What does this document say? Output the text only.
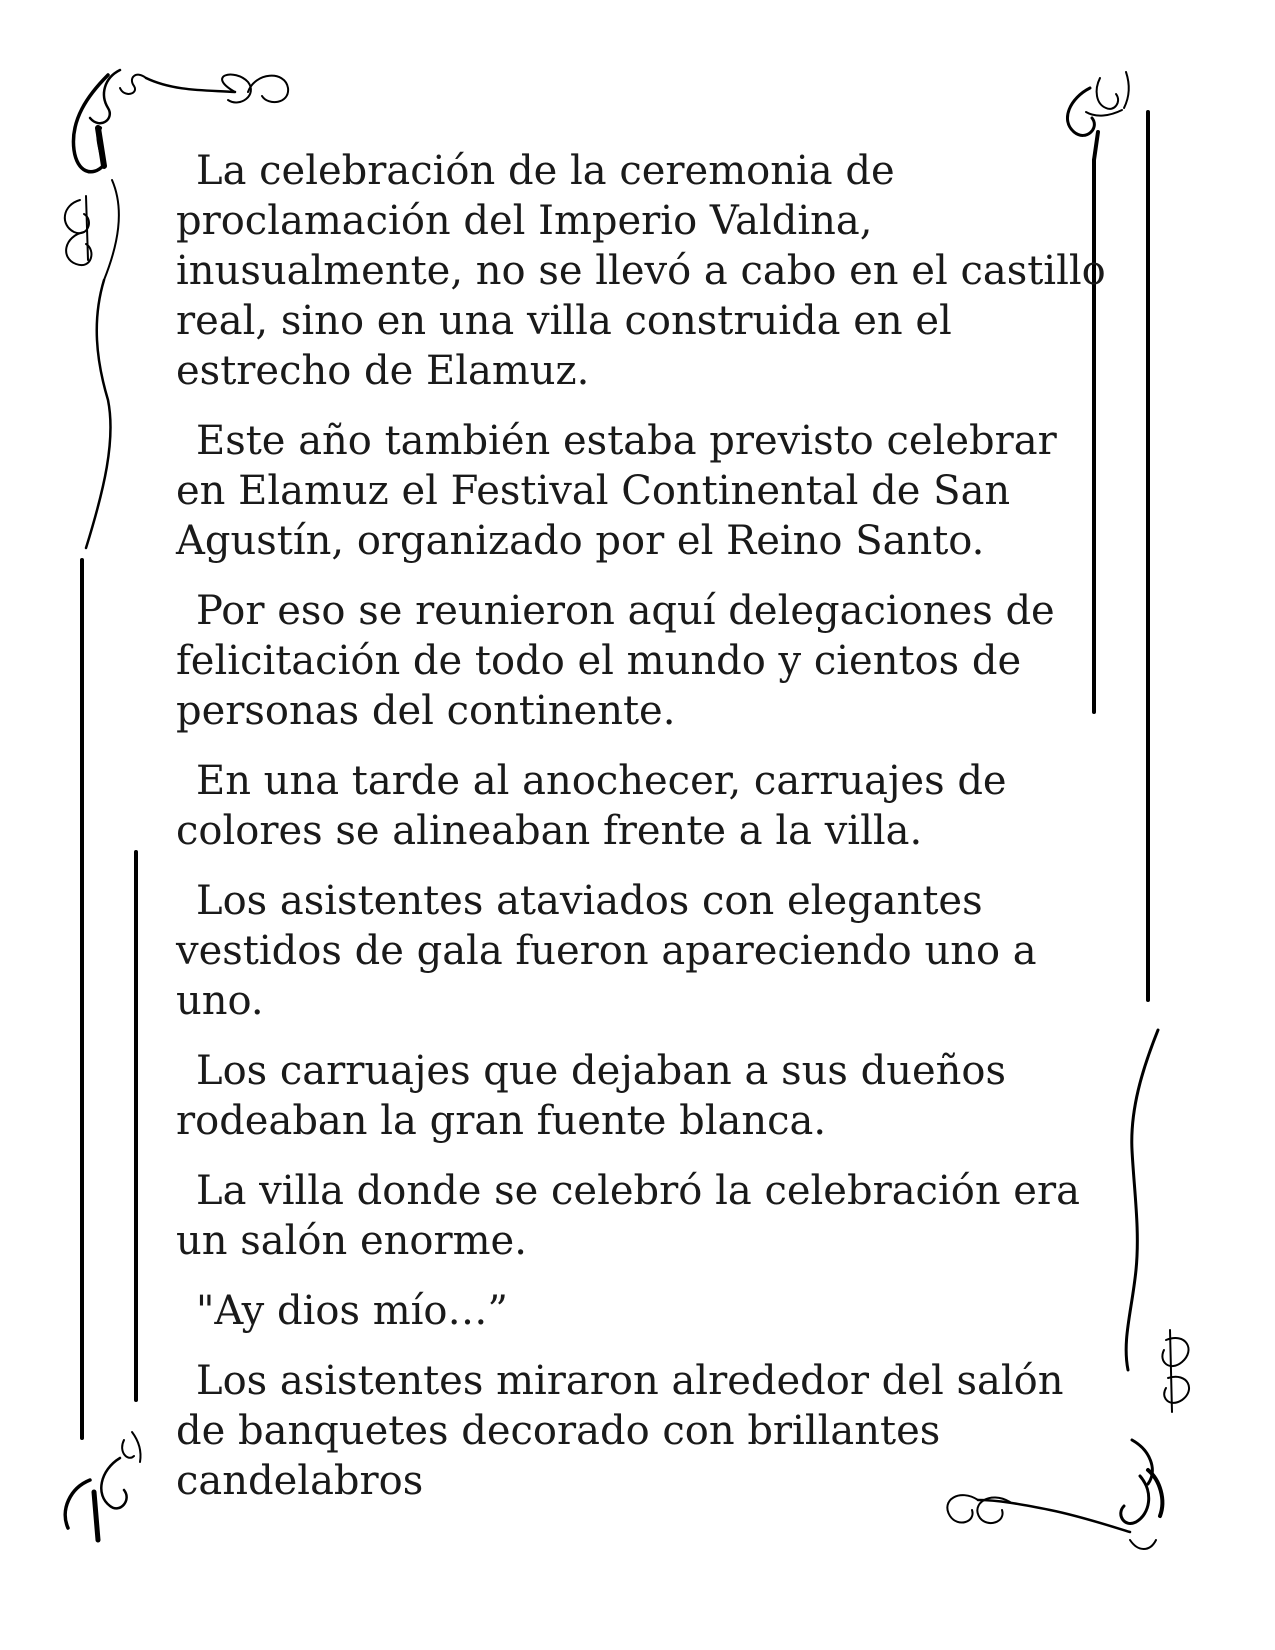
La celebración de la ceremonia de proclamación del Imperio Valdina, inusualmente, no se llevó a cabo en el castillo real, sino en una villa construida en el estrecho de Elamuz.

Este año también estaba previsto celebrar en Elamuz el Festival Continental de San Agustín, organizado por el Reino Santo.

Por eso se reunieron aquí delegaciones de felicitación de todo el mundo y cientos de personas del continente.

En una tarde al anochecer, carruajes de colores se alineaban frente a la villa.

Los asistentes ataviados con elegantes vestidos de gala fueron apareciendo uno a uno.

Los carruajes que dejaban a sus dueños rodeaban la gran fuente blanca.

La villa donde se celebró la celebración era un salón enorme.

"Ay dios mío…”

Los asistentes miraron alrededor del salón de banquetes decorado con brillantes candelabros
